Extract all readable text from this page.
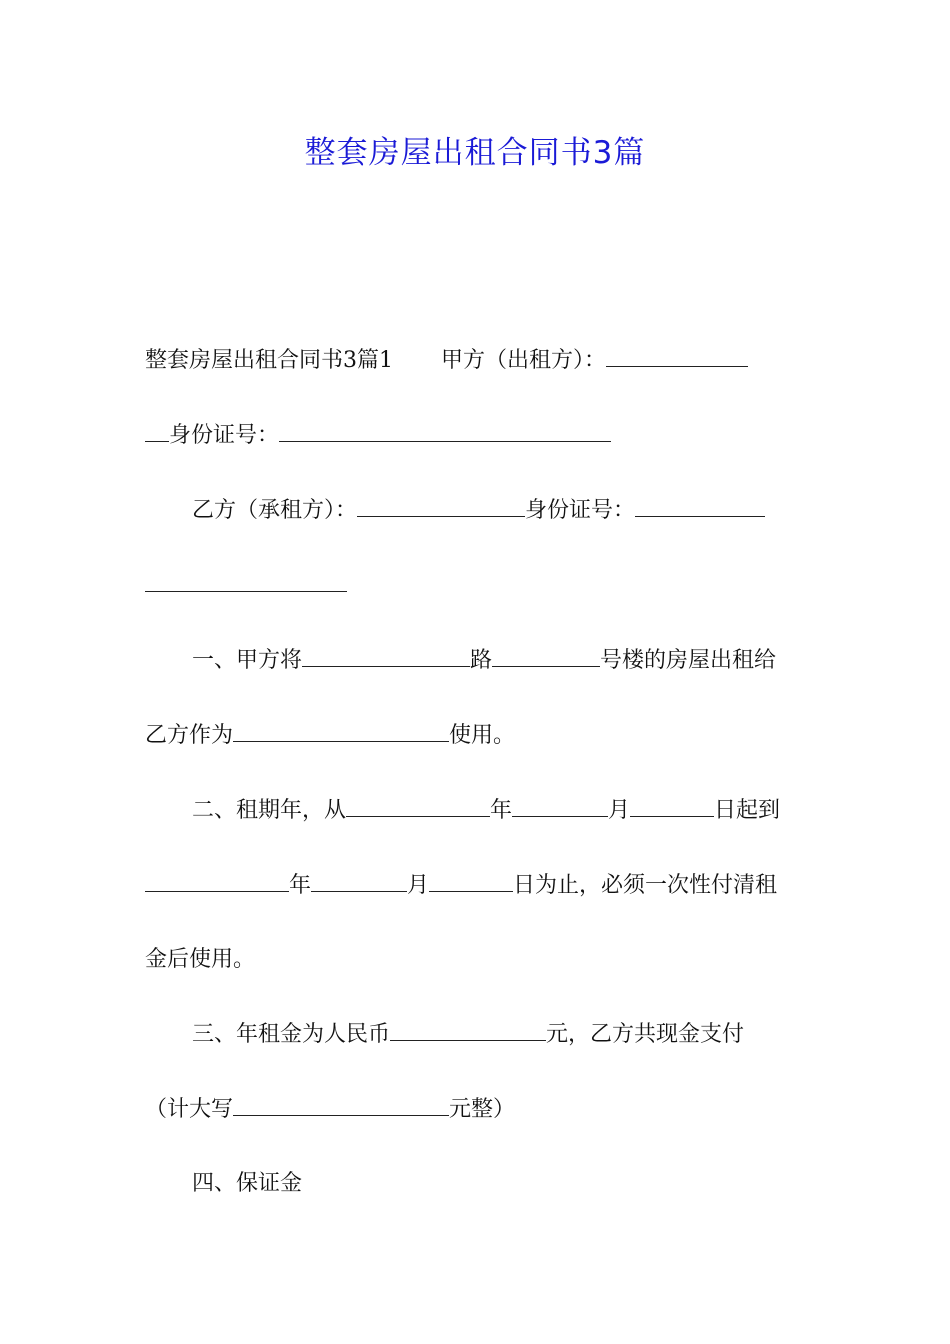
整套房屋出租合同书3篇
整套房屋出租合同书3篇1 甲方（出租方）：
身份证号：
乙方（承租方）：	身份证号：
一、甲方将	路	号楼的房屋出租给
乙方作为	使用。
二、租期年，从	年	月	日起到
年	月	日为止，必须一次性付清租
金后使用。
三、年租金为人民币	元，乙方共现金支付
（计大写	元整）
四、保证金
